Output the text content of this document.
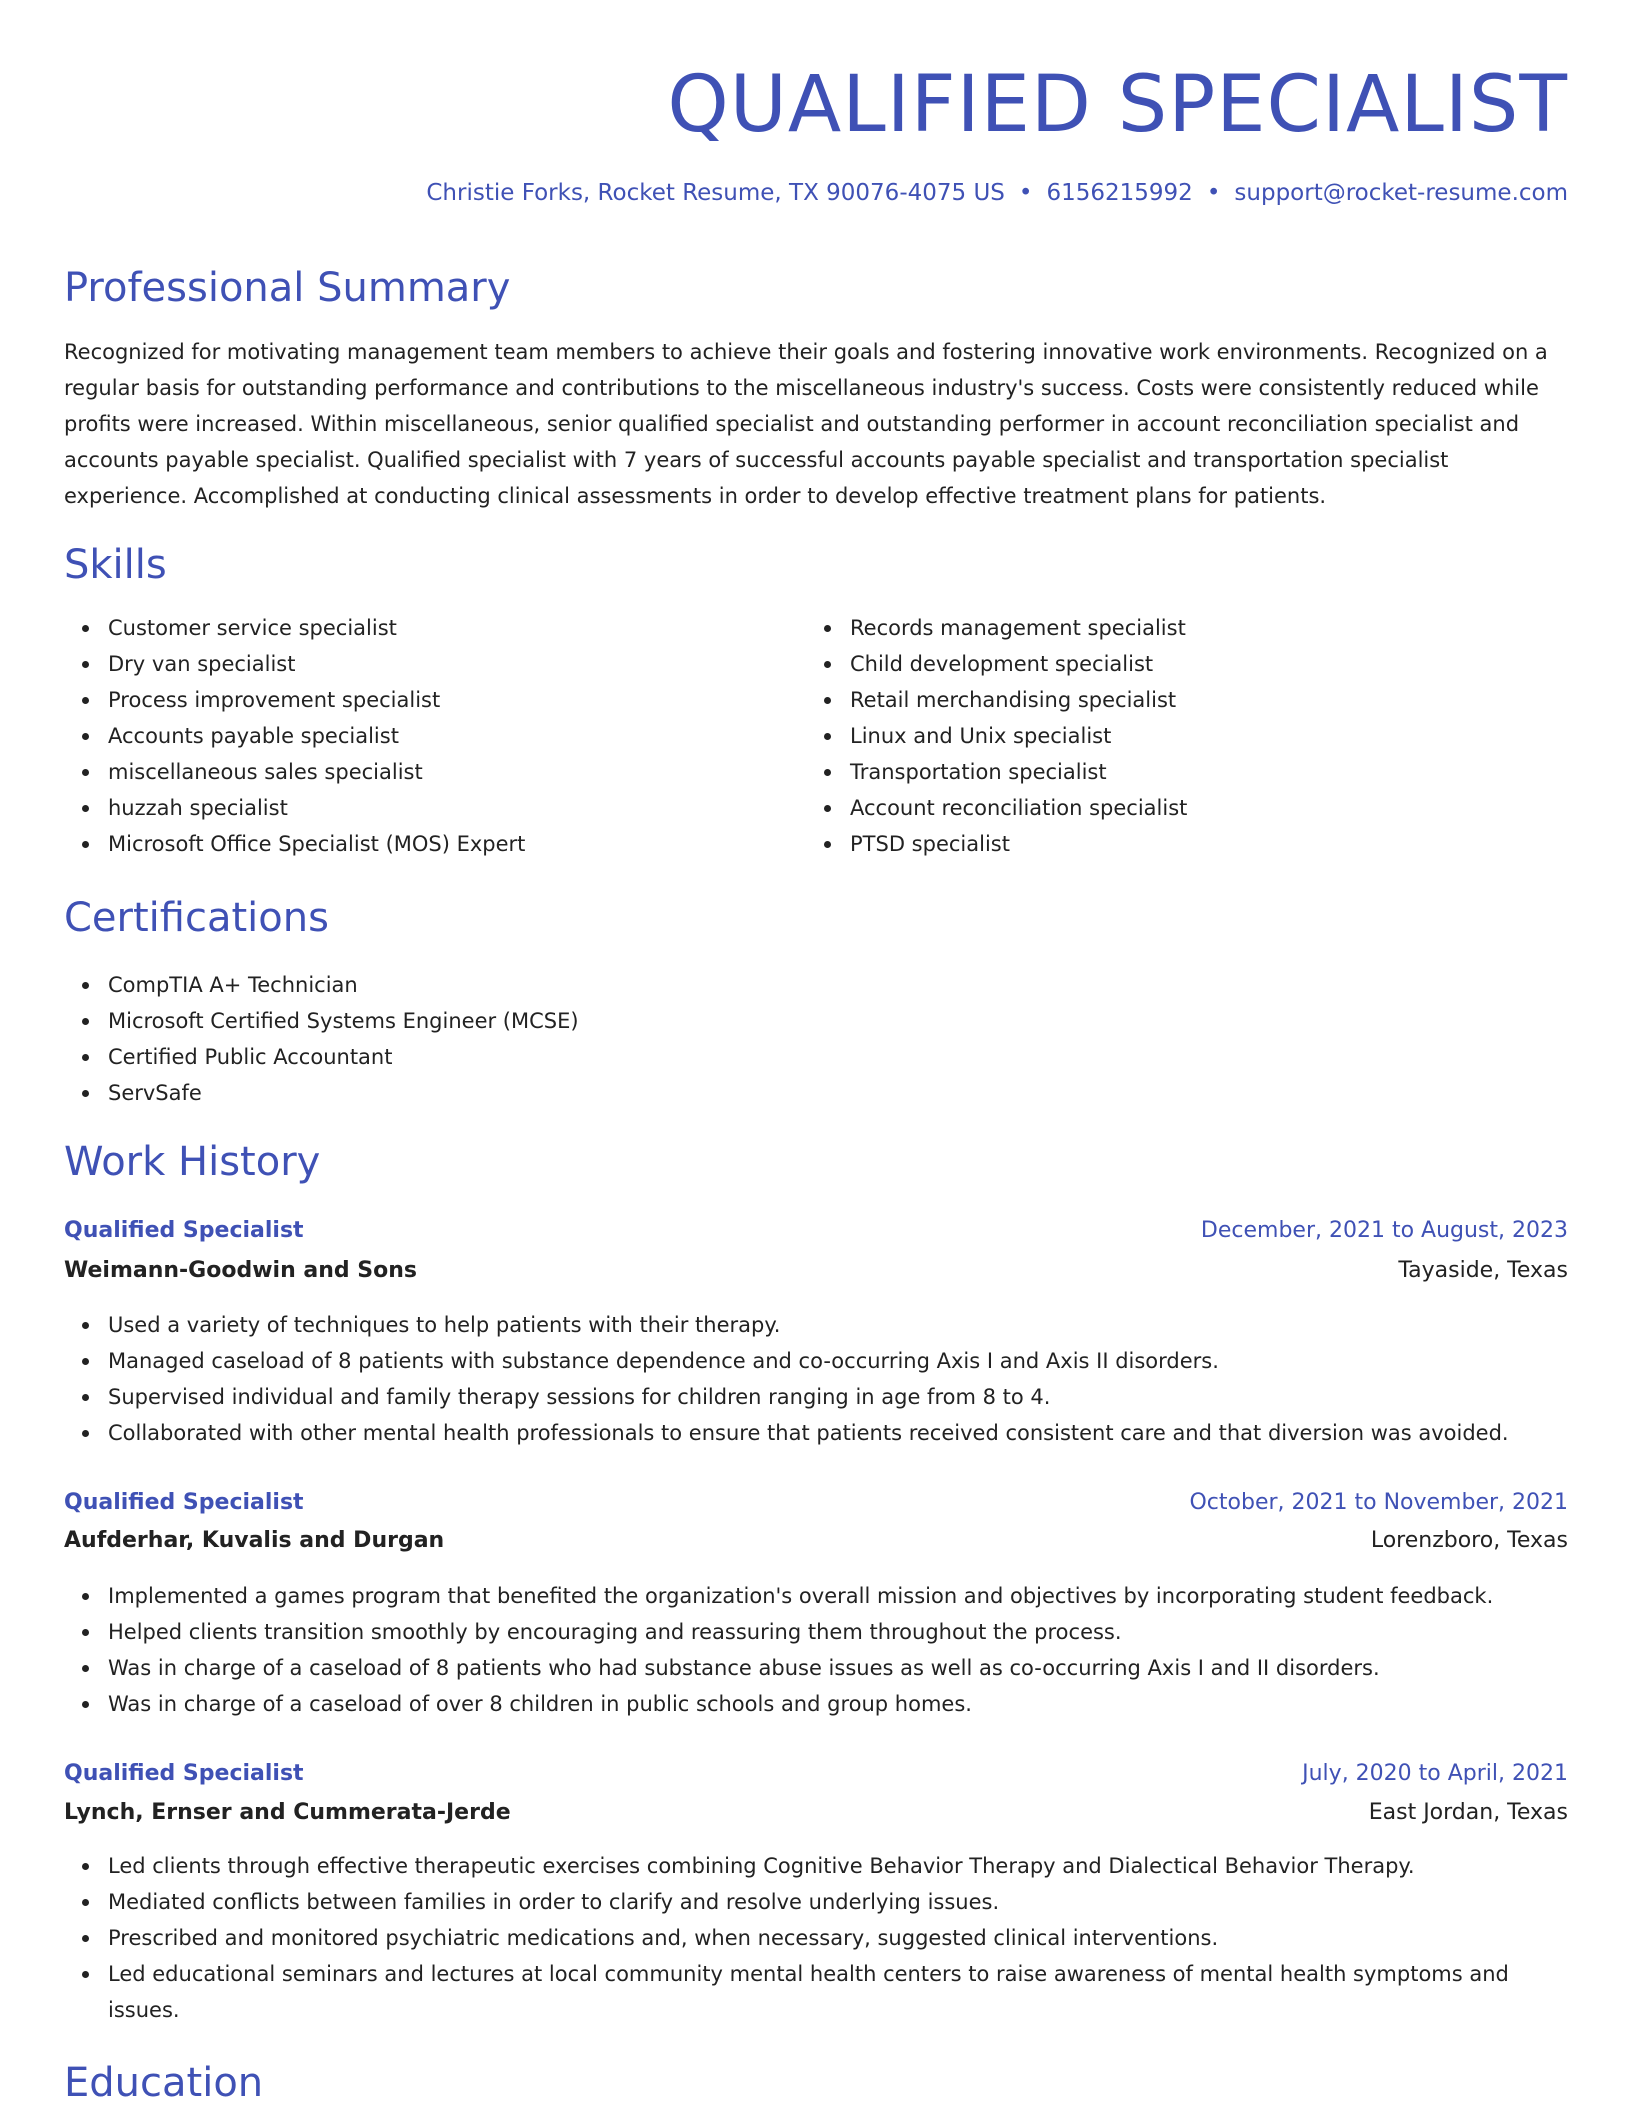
QUALIFIED SPECIALIST
Christie Forks, Rocket Resume, TX 90076-4075 US • 6156215992 • support@rocket-resume.com
Professional Summary

Recognized for motivating management team members to achieve their goals and fostering innovative work environments. Recognized on a regular basis for outstanding performance and contributions to the miscellaneous industry's success. Costs were consistently reduced while profits were increased. Within miscellaneous, senior qualified specialist and outstanding performer in account reconciliation specialist and accounts payable specialist. Qualified specialist with 7 years of successful accounts payable specialist and transportation specialist experience. Accomplished at conducting clinical assessments in order to develop effective treatment plans for patients.

Skills
Customer service specialist
Dry van specialist
Process improvement specialist
Accounts payable specialist
miscellaneous sales specialist
huzzah specialist
Microsoft Office Specialist (MOS) Expert
Records management specialist
Child development specialist
Retail merchandising specialist
Linux and Unix specialist
Transportation specialist
Account reconciliation specialist
PTSD specialist
Certifications
CompTIA A+ Technician
Microsoft Certified Systems Engineer (MCSE)
Certified Public Accountant
ServSafe
Work History
Qualified Specialist	December, 2021 to August, 2023
Weimann-Goodwin and Sons	Tayaside, Texas
Used a variety of techniques to help patients with their therapy.
Managed caseload of 8 patients with substance dependence and co-occurring Axis I and Axis II disorders.
Supervised individual and family therapy sessions for children ranging in age from 8 to 4.
Collaborated with other mental health professionals to ensure that patients received consistent care and that diversion was avoided.
Qualified Specialist	October, 2021 to November, 2021
Aufderhar, Kuvalis and Durgan	Lorenzboro, Texas
Implemented a games program that benefited the organization's overall mission and objectives by incorporating student feedback.
Helped clients transition smoothly by encouraging and reassuring them throughout the process.
Was in charge of a caseload of 8 patients who had substance abuse issues as well as co-occurring Axis I and II disorders.
Was in charge of a caseload of over 8 children in public schools and group homes.
Qualified Specialist	July, 2020 to April, 2021
Lynch, Ernser and Cummerata-Jerde	East Jordan, Texas
Led clients through effective therapeutic exercises combining Cognitive Behavior Therapy and Dialectical Behavior Therapy.
Mediated conflicts between families in order to clarify and resolve underlying issues.
Prescribed and monitored psychiatric medications and, when necessary, suggested clinical interventions.
Led educational seminars and lectures at local community mental health centers to raise awareness of mental health symptoms and issues.
Education
